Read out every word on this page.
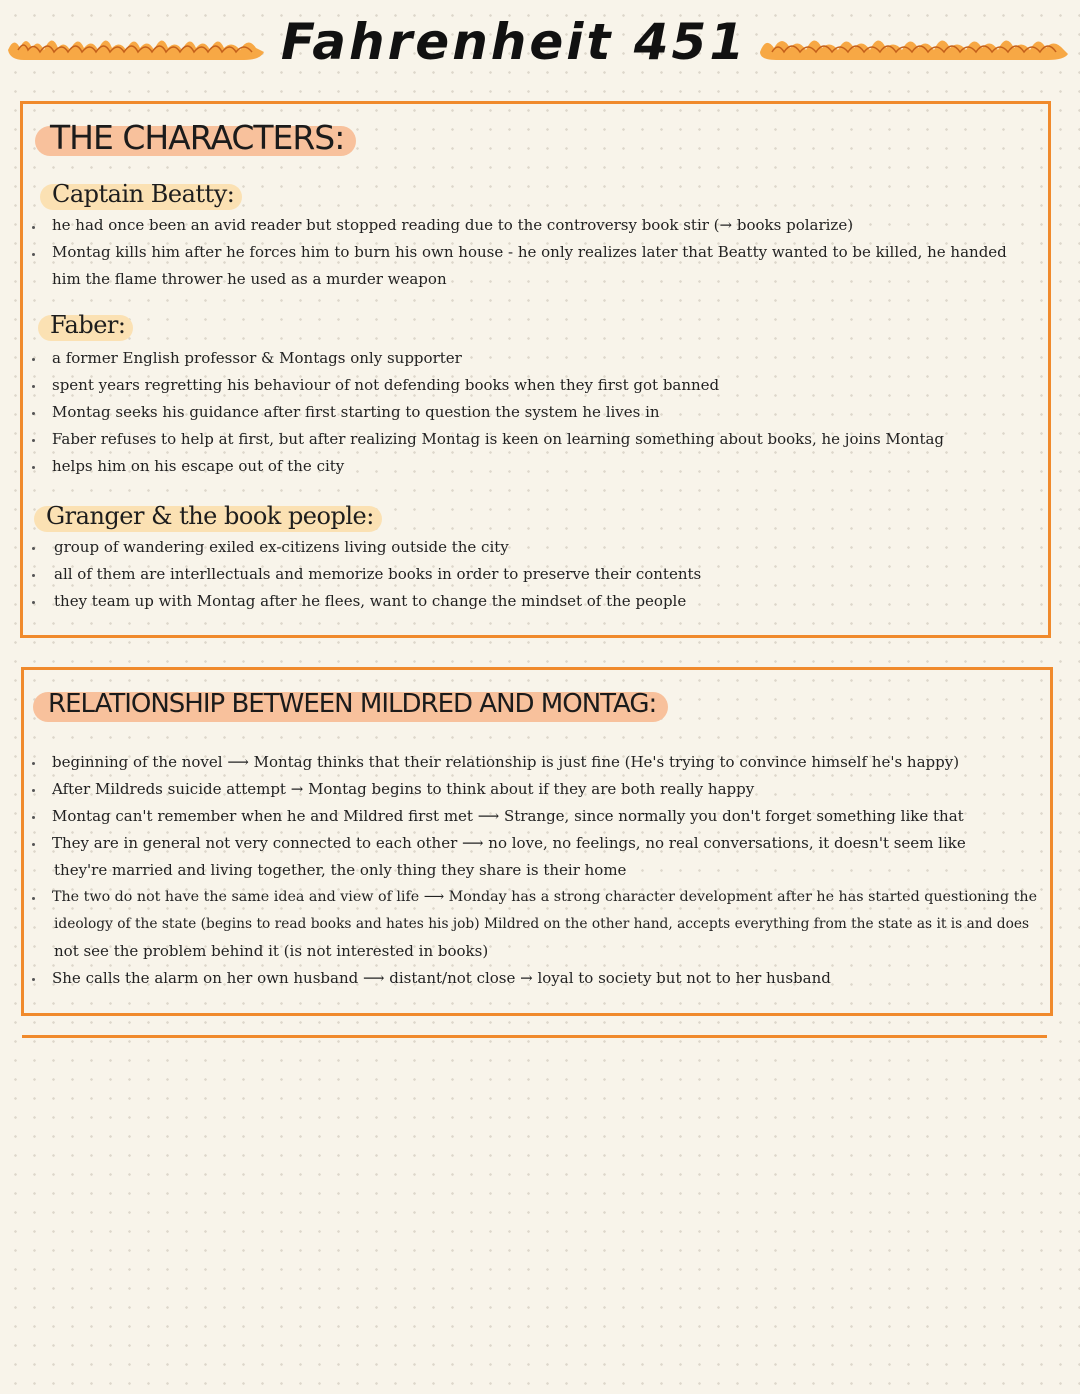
Fahrenheit 451
THE CHARACTERS:
Captain Beatty:
he had once been an avid reader but stopped reading due to the controversy book stir (→ books polarize)
Montag kills him after he forces him to burn his own house - he only realizes later that Beatty wanted to be killed, he handed
him the flame thrower he used as a murder weapon
Faber:
a former English professor & Montags only supporter
spent years regretting his behaviour of not defending books when they first got banned
Montag seeks his guidance after first starting to question the system he lives in
Faber refuses to help at first, but after realizing Montag is keen on learning something about books, he joins Montag
helps him on his escape out of the city
Granger & the book people:
group of wandering exiled ex-citizens living outside the city
all of them are interllectuals and memorize books in order to preserve their contents
they team up with Montag after he flees, want to change the mindset of the people
RELATIONSHIP BETWEEN MILDRED AND MONTAG:
beginning of the novel ⟶ Montag thinks that their relationship is just fine (He's trying to convince himself he's happy)
After Mildreds suicide attempt → Montag begins to think about if they are both really happy
Montag can't remember when he and Mildred first met ⟶ Strange, since normally you don't forget something like that
They are in general not very connected to each other ⟶ no love, no feelings, no real conversations, it doesn't seem like
they're married and living together, the only thing they share is their home
The two do not have the same idea and view of life ⟶ Monday has a strong character development after he has started questioning the
ideology of the state (begins to read books and hates his job) Mildred on the other hand, accepts everything from the state as it is and does
not see the problem behind it (is not interested in books)
She calls the alarm on her own husband ⟶ distant/not close → loyal to society but not to her husband
